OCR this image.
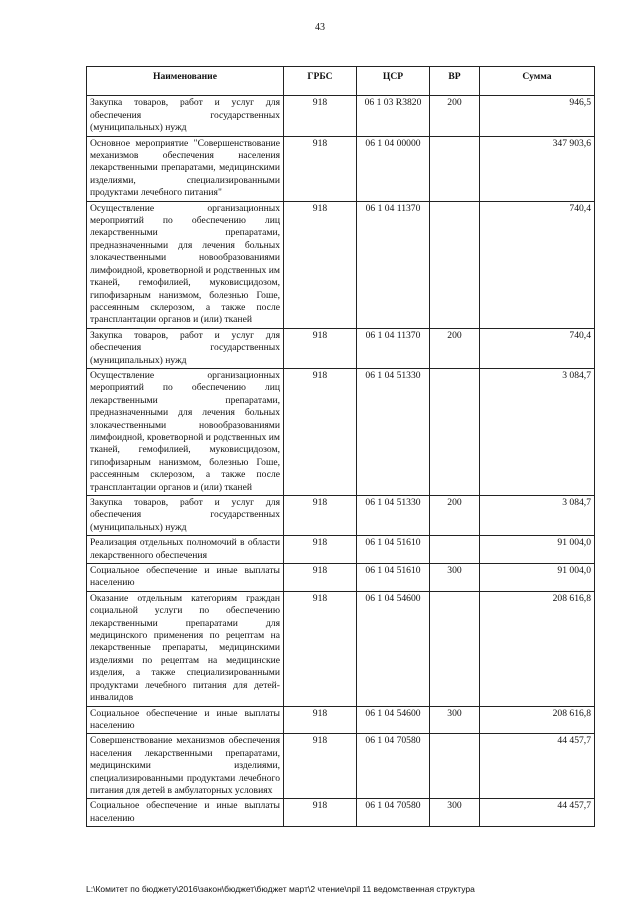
43
Наименование	ГРБС	ЦСР	ВР	Сумма
Закупка товаров, работ и услуг для обеспечения государственных (муниципальных) нужд	918	06 1 03 R3820	200	946,5
Основное мероприятие "Совершенствование механизмов обеспечения населения лекарственными препаратами, медицинскими изделиями, специализированными продуктами лечебного питания"	918	06 1 04 00000		347 903,6
Осуществление организационных мероприятий по обеспечению лиц лекарственными препаратами, предназначенными для лечения больных злокачественными новообразованиями лимфоидной, кроветворной и родственных им тканей, гемофилией, муковисцидозом, гипофизарным нанизмом, болезнью Гоше, рассеянным склерозом, а также после трансплантации органов и (или) тканей	918	06 1 04 11370		740,4
Закупка товаров, работ и услуг для обеспечения государственных (муниципальных) нужд	918	06 1 04 11370	200	740,4
Осуществление организационных мероприятий по обеспечению лиц лекарственными препаратами, предназначенными для лечения больных злокачественными новообразованиями лимфоидной, кроветворной и родственных им тканей, гемофилией, муковисцидозом, гипофизарным нанизмом, болезнью Гоше, рассеянным склерозом, а также после трансплантации органов и (или) тканей	918	06 1 04 51330		3 084,7
Закупка товаров, работ и услуг для обеспечения государственных (муниципальных) нужд	918	06 1 04 51330	200	3 084,7
Реализация отдельных полномочий в области лекарственного обеспечения	918	06 1 04 51610		91 004,0
Социальное обеспечение и иные выплаты населению	918	06 1 04 51610	300	91 004,0
Оказание отдельным категориям граждан социальной услуги по обеспечению лекарственными препаратами для медицинского применения по рецептам на лекарственные препараты, медицинскими изделиями по рецептам на медицинские изделия, а также специализированными продуктами лечебного питания для детей-инвалидов	918	06 1 04 54600		208 616,8
Социальное обеспечение и иные выплаты населению	918	06 1 04 54600	300	208 616,8
Совершенствование механизмов обеспечения населения лекарственными препаратами, медицинскими изделиями, специализированными продуктами лечебного питания для детей в амбулаторных условиях	918	06 1 04 70580		44 457,7
Социальное обеспечение и иные выплаты населению	918	06 1 04 70580	300	44 457,7
L:\Комитет по бюджету\2016\закон\бюджет\бюджет март\2 чтение\прil 11 ведомственная структура
